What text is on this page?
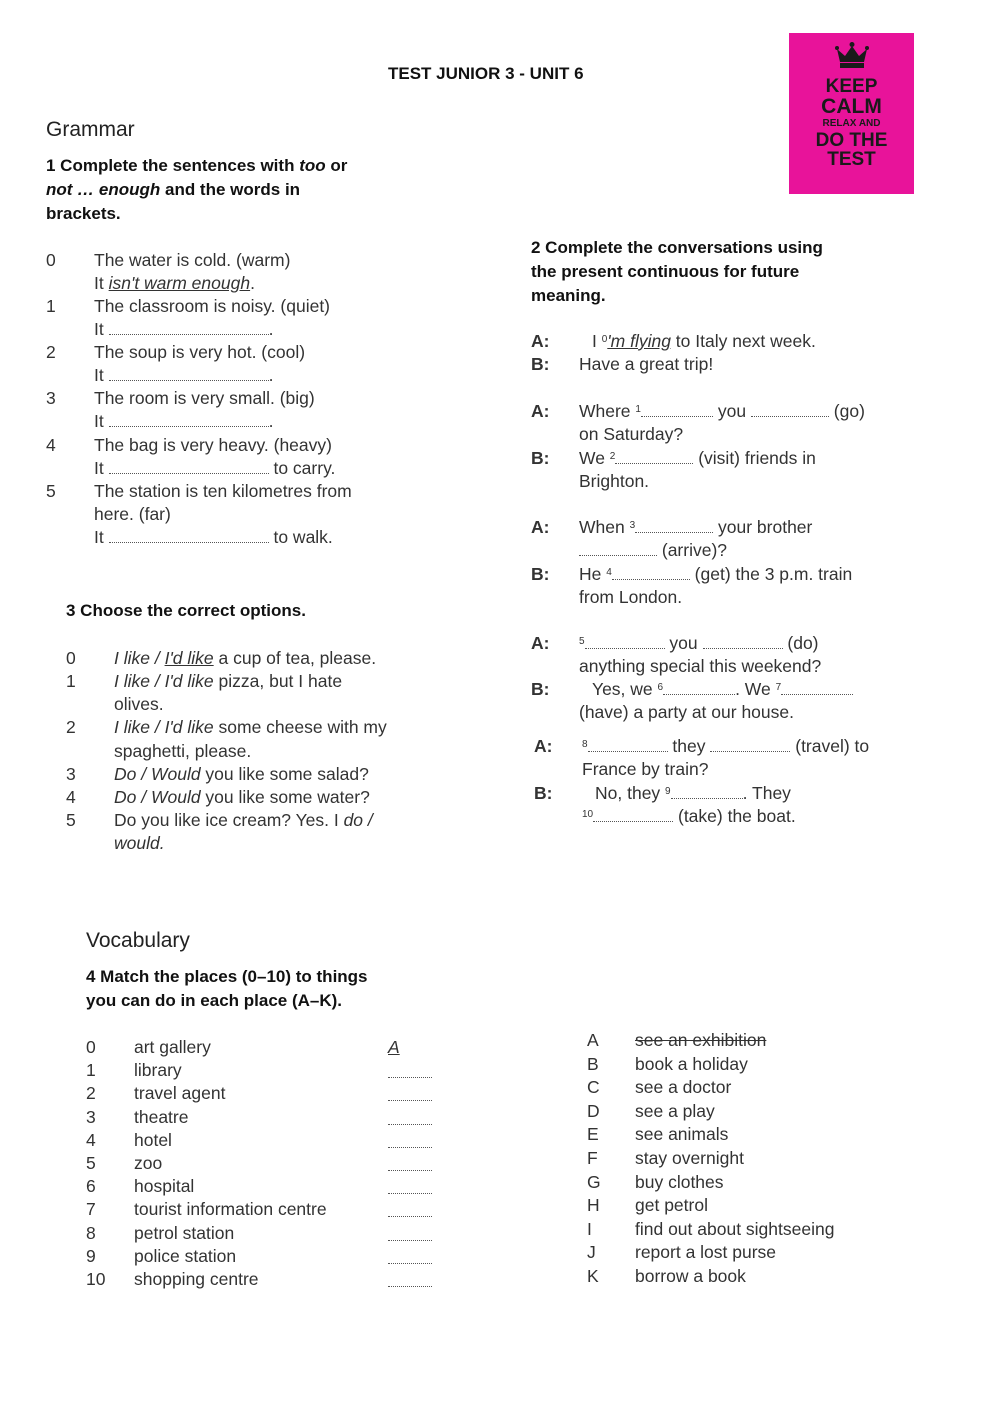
TEST JUNIOR 3 - UNIT 6
KEEP
CALM
RELAX AND
DO THE
TEST
Grammar
1 Complete the sentences with too or
not … enough and the words in
brackets.
0 The water is cold. (warm)
It isn't warm enough.
1 The classroom is noisy. (quiet)
It	.
2 The soup is very hot. (cool)
It	.
3 The room is very small. (big)
It	.
4 The bag is very heavy. (heavy)
It	to carry.
5 The station is ten kilometres from
here. (far)
It	to walk.
2 Complete the conversations using
the present continuous for future
meaning.
A: I $^0$'m flying to Italy next week.
B: Have a great trip!
A: Where $^1$	you	(go)
on Saturday?
B: We $^2$	(visit) friends in
Brighton.
A: When $^3$	your brother
(arrive)?
B: He $^4$	(get) the 3 p.m. train
from London.
A:	$^5$	you	(do)
anything special this weekend?
B: Yes, we $^6$	. We $^7$
(have) a party at our house.
A:	$^8$	they	(travel) to
France by train?
B: No, they $^9$	. They
$^{10}$	(take) the boat.
3 Choose the correct options.
0 I like / I'd like a cup of tea, please.
1 I like / I'd like pizza, but I hate
olives.
2 I like / I'd like some cheese with my
spaghetti, please.
3 Do / Would you like some salad?
4 Do / Would you like some water?
5 Do you like ice cream? Yes. I do /
would.
Vocabulary
4 Match the places (0–10) to things
you can do in each place (A–K).
0 art gallery	A
1 library
2 travel agent
3 theatre
4 hotel
5 zoo
6 hospital
7 tourist information centre
8 petrol station
9 police station
10 shopping centre
A see an exhibition
B book a holiday
C see a doctor
D see a play
E see animals
F stay overnight
G buy clothes
H get petrol
I find out about sightseeing
J report a lost purse
K borrow a book
